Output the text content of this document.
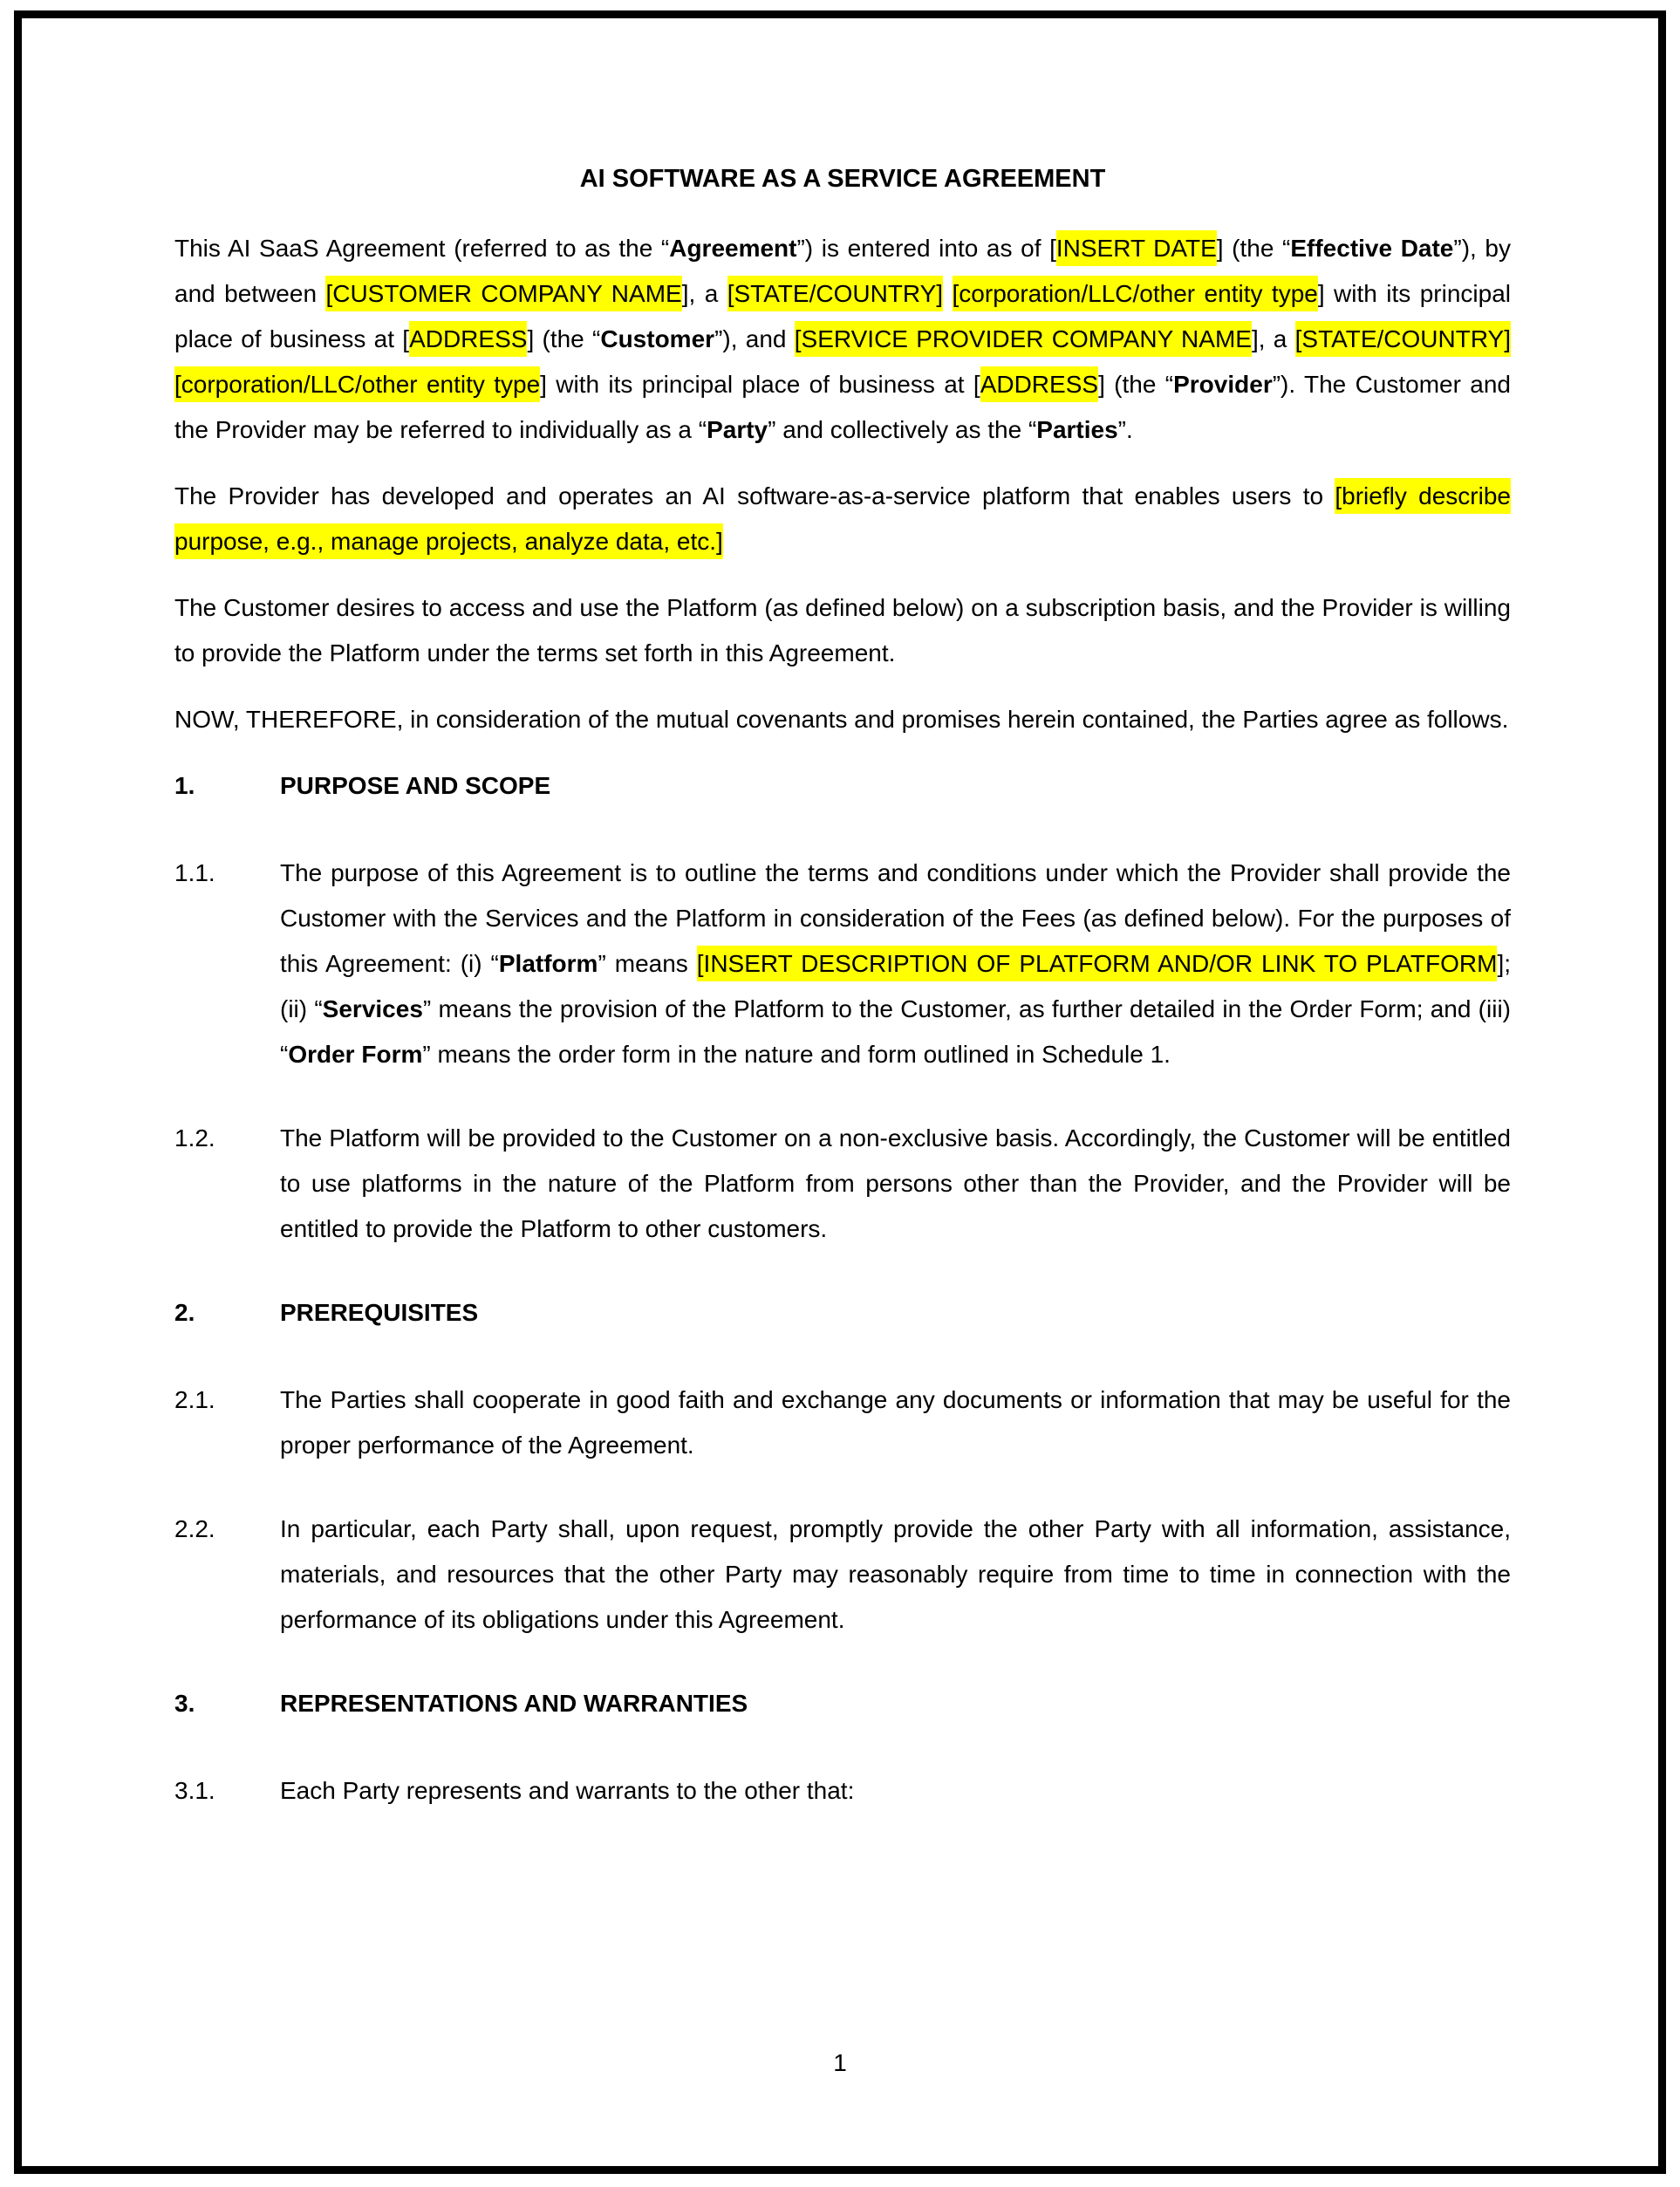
AI SOFTWARE AS A SERVICE AGREEMENT

This AI SaaS Agreement (referred to as the “Agreement”) is entered into as of [INSERT DATE] (the “Effective Date”), by and between [CUSTOMER COMPANY NAME], a [STATE/COUNTRY] [corporation/LLC/other entity type] with its principal place of business at [ADDRESS] (the “Customer”), and [SERVICE PROVIDER COMPANY NAME], a [STATE/COUNTRY] [corporation/LLC/other entity type] with its principal place of business at [ADDRESS] (the “Provider”). The Customer and the Provider may be referred to individually as a “Party” and collectively as the “Parties”.

The Provider has developed and operates an AI software-as-a-service platform that enables users to [briefly describe purpose, e.g., manage projects, analyze data, etc.]

The Customer desires to access and use the Platform (as defined below) on a subscription basis, and the Provider is willing to provide the Platform under the terms set forth in this Agreement.

NOW, THEREFORE, in consideration of the mutual covenants and promises herein contained, the Parties agree as follows.

1.	PURPOSE AND SCOPE
1.1.	The purpose of this Agreement is to outline the terms and conditions under which the Provider shall provide the Customer with the Services and the Platform in consideration of the Fees (as defined below). For the purposes of this Agreement: (i) “Platform” means [INSERT DESCRIPTION OF PLATFORM AND/OR LINK TO PLATFORM]; (ii) “Services” means the provision of the Platform to the Customer, as further detailed in the Order Form; and (iii) “Order Form” means the order form in the nature and form outlined in Schedule 1.

1.2.	The Platform will be provided to the Customer on a non-exclusive basis. Accordingly, the Customer will be entitled to use platforms in the nature of the Platform from persons other than the Provider, and the Provider will be entitled to provide the Platform to other customers.

2.	PREREQUISITES
2.1.	The Parties shall cooperate in good faith and exchange any documents or information that may be useful for the proper performance of the Agreement.

2.2.	In particular, each Party shall, upon request, promptly provide the other Party with all information, assistance, materials, and resources that the other Party may reasonably require from time to time in connection with the performance of its obligations under this Agreement.

3.	REPRESENTATIONS AND WARRANTIES
3.1.	Each Party represents and warrants to the other that:

1
